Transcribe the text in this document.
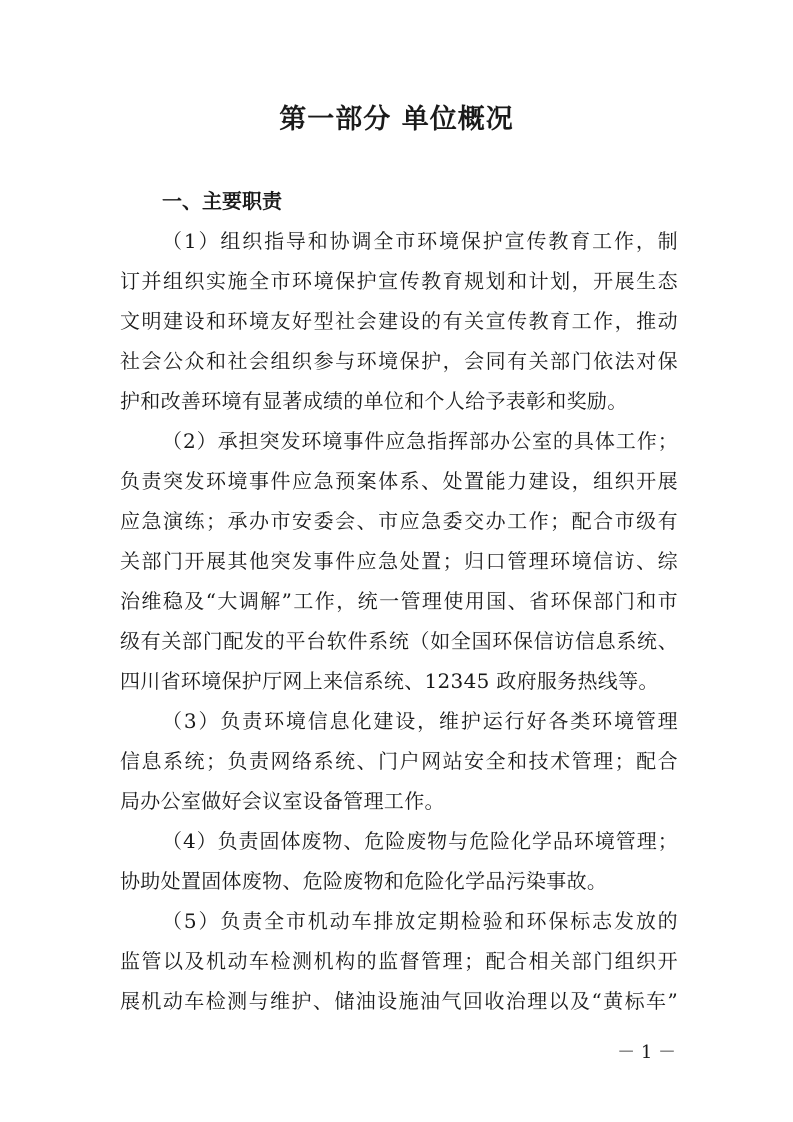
第一部分 单位概况

一、主要职责

（1）组织指导和协调全市环境保护宣传教育工作，制

订并组织实施全市环境保护宣传教育规划和计划，开展生态

文明建设和环境友好型社会建设的有关宣传教育工作，推动

社会公众和社会组织参与环境保护，会同有关部门依法对保

护和改善环境有显著成绩的单位和个人给予表彰和奖励。

（2）承担突发环境事件应急指挥部办公室的具体工作；

负责突发环境事件应急预案体系、处置能力建设，组织开展

应急演练；承办市安委会、市应急委交办工作；配合市级有

关部门开展其他突发事件应急处置；归口管理环境信访、综

治维稳及“大调解”工作，统一管理使用国、省环保部门和市

级有关部门配发的平台软件系统（如全国环保信访信息系统、

四川省环境保护厅网上来信系统、12345 政府服务热线等。

（3）负责环境信息化建设，维护运行好各类环境管理

信息系统；负责网络系统、门户网站安全和技术管理；配合

局办公室做好会议室设备管理工作。

（4）负责固体废物、危险废物与危险化学品环境管理；

协助处置固体废物、危险废物和危险化学品污染事故。

（5）负责全市机动车排放定期检验和环保标志发放的

监管以及机动车检测机构的监督管理；配合相关部门组织开

展机动车检测与维护、储油设施油气回收治理以及“黄标车”

－ 1 －
